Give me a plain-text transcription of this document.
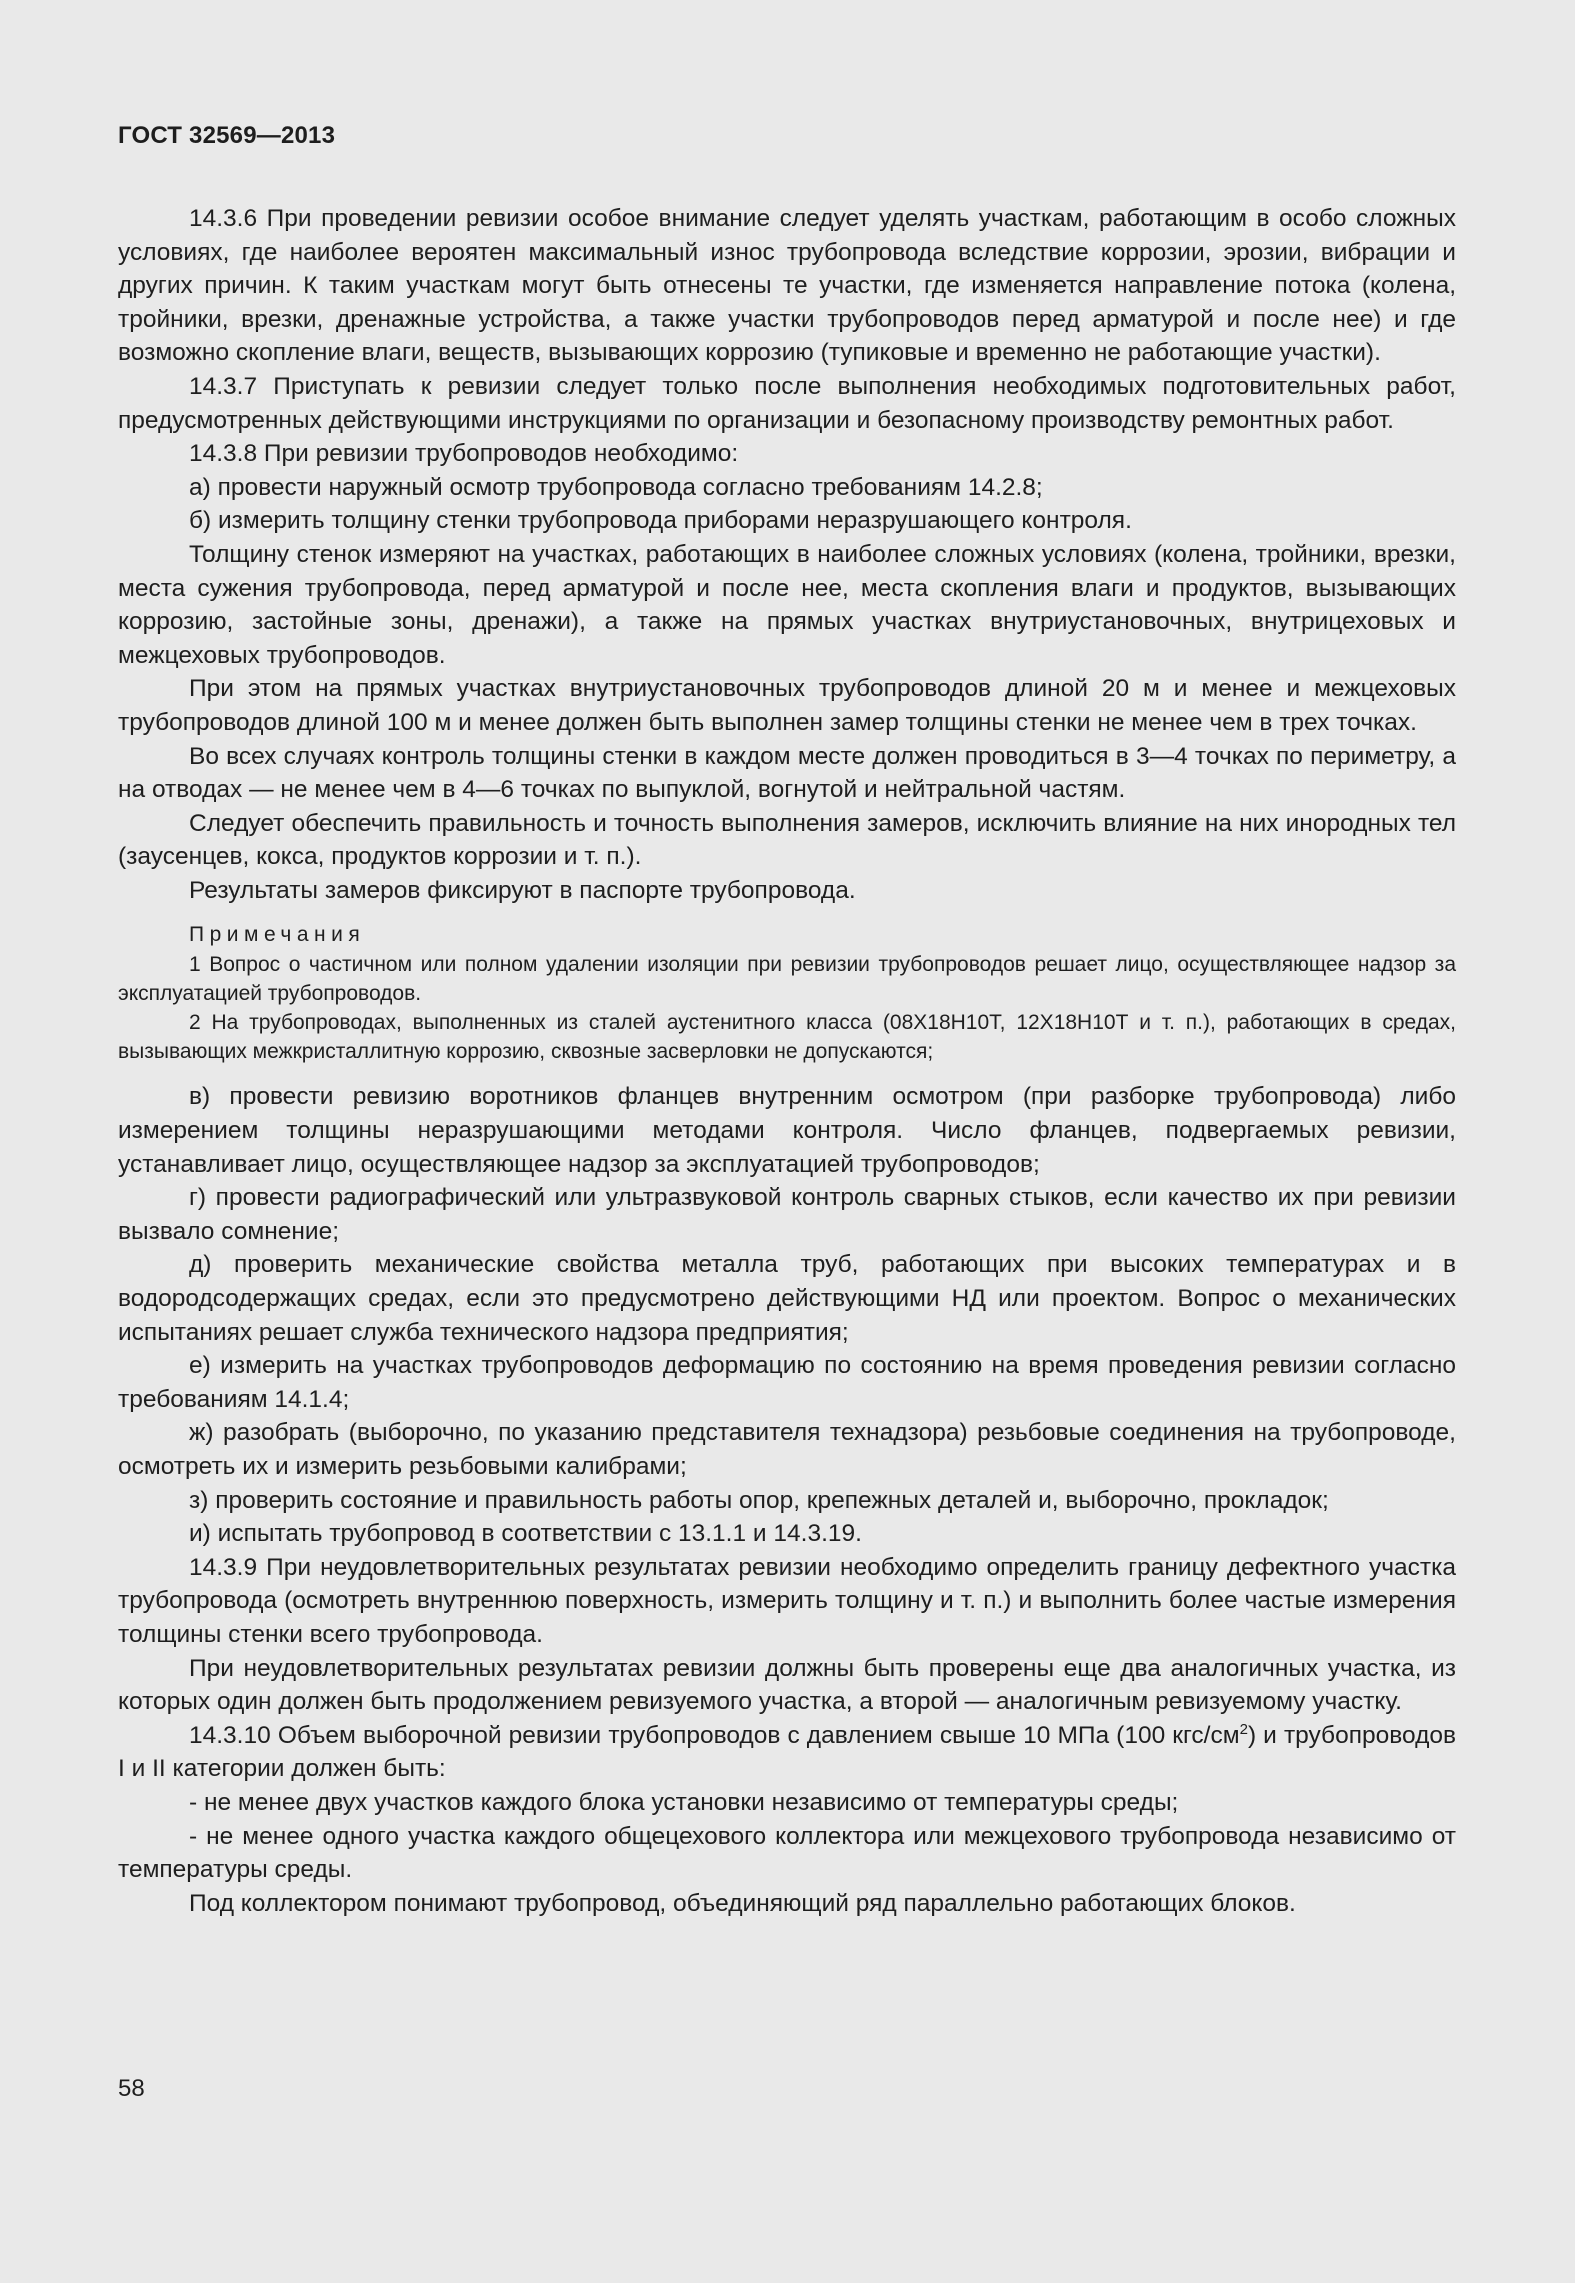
ГОСТ 32569—2013

14.3.6 При проведении ревизии особое внимание следует уделять участкам, работающим в особо сложных условиях, где наиболее вероятен максимальный износ трубопровода вследствие коррозии, эрозии, вибрации и других причин. К таким участкам могут быть отнесены те участки, где изменяется направление потока (колена, тройники, врезки, дренажные устройства, а также участки трубопроводов перед арматурой и после нее) и где возможно скопление влаги, веществ, вызывающих коррозию (тупиковые и временно не работающие участки).

14.3.7 Приступать к ревизии следует только после выполнения необходимых подготовительных работ, предусмотренных действующими инструкциями по организации и безопасному производству ремонтных работ.

14.3.8 При ревизии трубопроводов необходимо:

а) провести наружный осмотр трубопровода согласно требованиям 14.2.8;

б) измерить толщину стенки трубопровода приборами неразрушающего контроля.

Толщину стенок измеряют на участках, работающих в наиболее сложных условиях (колена, тройники, врезки, места сужения трубопровода, перед арматурой и после нее, места скопления влаги и продуктов, вызывающих коррозию, застойные зоны, дренажи), а также на прямых участках внутриустановочных, внутрицеховых и межцеховых трубопроводов.

При этом на прямых участках внутриустановочных трубопроводов длиной 20 м и менее и межцеховых трубопроводов длиной 100 м и менее должен быть выполнен замер толщины стенки не менее чем в трех точках.

Во всех случаях контроль толщины стенки в каждом месте должен проводиться в 3—4 точках по периметру, а на отводах — не менее чем в 4—6 точках по выпуклой, вогнутой и нейтральной частям.

Следует обеспечить правильность и точность выполнения замеров, исключить влияние на них инородных тел (заусенцев, кокса, продуктов коррозии и т. п.).

Результаты замеров фиксируют в паспорте трубопровода.

Примечания

1 Вопрос о частичном или полном удалении изоляции при ревизии трубопроводов решает лицо, осуществляющее надзор за эксплуатацией трубопроводов.

2 На трубопроводах, выполненных из сталей аустенитного класса (08Х18Н10Т, 12Х18Н10Т и т. п.), работающих в средах, вызывающих межкристаллитную коррозию, сквозные засверловки не допускаются;

в) провести ревизию воротников фланцев внутренним осмотром (при разборке трубопровода) либо измерением толщины неразрушающими методами контроля. Число фланцев, подвергаемых ревизии, устанавливает лицо, осуществляющее надзор за эксплуатацией трубопроводов;

г) провести радиографический или ультразвуковой контроль сварных стыков, если качество их при ревизии вызвало сомнение;

д) проверить механические свойства металла труб, работающих при высоких температурах и в водородсодержащих средах, если это предусмотрено действующими НД или проектом. Вопрос о механических испытаниях решает служба технического надзора предприятия;

е) измерить на участках трубопроводов деформацию по состоянию на время проведения ревизии согласно требованиям 14.1.4;

ж) разобрать (выборочно, по указанию представителя технадзора) резьбовые соединения на трубопроводе, осмотреть их и измерить резьбовыми калибрами;

з) проверить состояние и правильность работы опор, крепежных деталей и, выборочно, прокладок;

и) испытать трубопровод в соответствии с 13.1.1 и 14.3.19.

14.3.9 При неудовлетворительных результатах ревизии необходимо определить границу дефектного участка трубопровода (осмотреть внутреннюю поверхность, измерить толщину и т. п.) и выполнить более частые измерения толщины стенки всего трубопровода.

При неудовлетворительных результатах ревизии должны быть проверены еще два аналогичных участка, из которых один должен быть продолжением ревизуемого участка, а второй — аналогичным ревизуемому участку.

14.3.10 Объем выборочной ревизии трубопроводов с давлением свыше 10 МПа (100 кгс/$см^2$) и трубопроводов I и II категории должен быть:

- не менее двух участков каждого блока установки независимо от температуры среды;

- не менее одного участка каждого общецехового коллектора или межцехового трубопровода независимо от температуры среды.

Под коллектором понимают трубопровод, объединяющий ряд параллельно работающих блоков.

58
